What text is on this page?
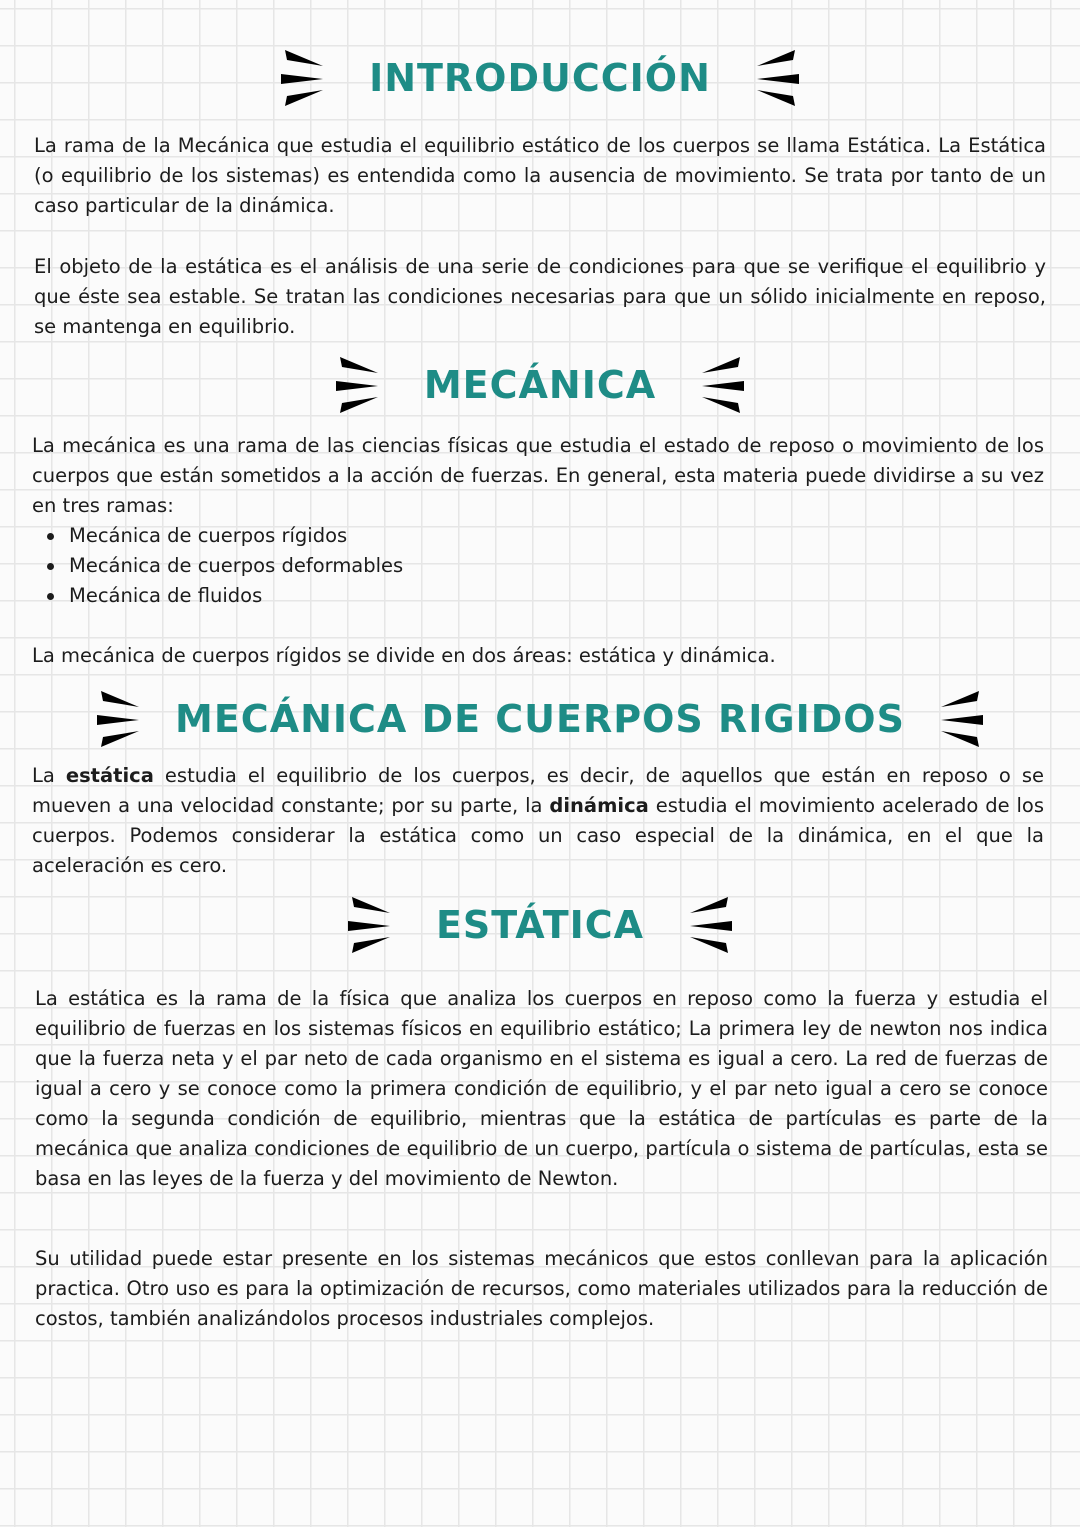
INTRODUCCIÓN

La rama de la Mecánica que estudia el equilibrio estático de los cuerpos se llama Estática. La Estática (o equilibrio de los sistemas) es entendida como la ausencia de movimiento. Se trata por tanto de un caso particular de la dinámica.

El objeto de la estática es el análisis de una serie de condiciones para que se verifique el equilibrio y que éste sea estable. Se tratan las condiciones necesarias para que un sólido inicialmente en reposo, se mantenga en equilibrio.

MECÁNICA

La mecánica es una rama de las ciencias físicas que estudia el estado de reposo o movimiento de los cuerpos que están sometidos a la acción de fuerzas. En general, esta materia puede dividirse a su vez en tres ramas:

Mecánica de cuerpos rígidos
Mecánica de cuerpos deformables
Mecánica de fluidos

La mecánica de cuerpos rígidos se divide en dos áreas: estática y dinámica.

MECÁNICA DE CUERPOS RIGIDOS

La estática estudia el equilibrio de los cuerpos, es decir, de aquellos que están en reposo o se mueven a una velocidad constante; por su parte, la dinámica estudia el movimiento acelerado de los cuerpos. Podemos considerar la estática como un caso especial de la dinámica, en el que la aceleración es cero.

ESTÁTICA

La estática es la rama de la física que analiza los cuerpos en reposo como la fuerza y estudia el equilibrio de fuerzas en los sistemas físicos en equilibrio estático; La primera ley de newton nos indica que la fuerza neta y el par neto de cada organismo en el sistema es igual a cero. La red de fuerzas de igual a cero y se conoce como la primera condición de equilibrio, y el par neto igual a cero se conoce como la segunda condición de equilibrio, mientras que la estática de partículas es parte de la mecánica que analiza condiciones de equilibrio de un cuerpo, partícula o sistema de partículas, esta se basa en las leyes de la fuerza y del movimiento de Newton.

Su utilidad puede estar presente en los sistemas mecánicos que estos conllevan para la aplicación practica. Otro uso es para la optimización de recursos, como materiales utilizados para la reducción de costos, también analizándolos procesos industriales complejos.
